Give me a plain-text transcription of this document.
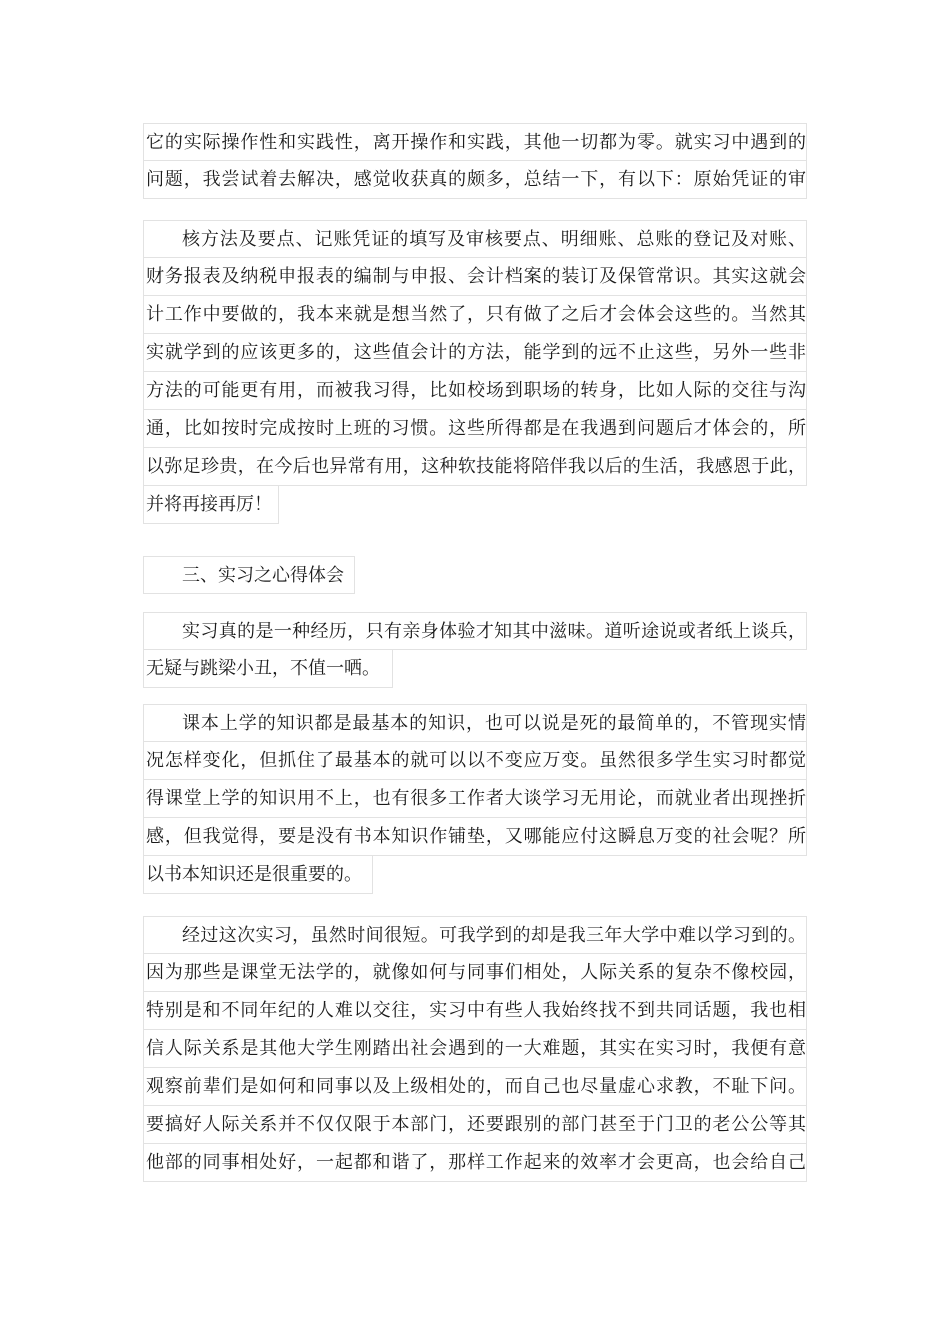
它的实际操作性和实践性，离开操作和实践，其他一切都为零。就实习中遇到的
问题，我尝试着去解决，感觉收获真的颇多，总结一下，有以下：原始凭证的审
核方法及要点、记账凭证的填写及审核要点、明细账、总账的登记及对账、
财务报表及纳税申报表的编制与申报、会计档案的装订及保管常识。其实这就会
计工作中要做的，我本来就是想当然了，只有做了之后才会体会这些的。当然其
实就学到的应该更多的，这些值会计的方法，能学到的远不止这些，另外一些非
方法的可能更有用，而被我习得，比如校场到职场的转身，比如人际的交往与沟
通，比如按时完成按时上班的习惯。这些所得都是在我遇到问题后才体会的，所
以弥足珍贵，在今后也异常有用，这种软技能将陪伴我以后的生活，我感恩于此，
并将再接再厉！
三、实习之心得体会
实习真的是一种经历，只有亲身体验才知其中滋味。道听途说或者纸上谈兵，
无疑与跳梁小丑，不值一哂。
课本上学的知识都是最基本的知识，也可以说是死的最简单的，不管现实情
况怎样变化，但抓住了最基本的就可以以不变应万变。虽然很多学生实习时都觉
得课堂上学的知识用不上，也有很多工作者大谈学习无用论，而就业者出现挫折
感，但我觉得，要是没有书本知识作铺垫，又哪能应付这瞬息万变的社会呢？所
以书本知识还是很重要的。
经过这次实习，虽然时间很短。可我学到的却是我三年大学中难以学习到的。
因为那些是课堂无法学的，就像如何与同事们相处，人际关系的复杂不像校园，
特别是和不同年纪的人难以交往，实习中有些人我始终找不到共同话题，我也相
信人际关系是其他大学生刚踏出社会遇到的一大难题，其实在实习时，我便有意
观察前辈们是如何和同事以及上级相处的，而自己也尽量虚心求教，不耻下问。
要搞好人际关系并不仅仅限于本部门，还要跟别的部门甚至于门卫的老公公等其
他部的同事相处好，一起都和谐了，那样工作起来的效率才会更高，也会给自己
